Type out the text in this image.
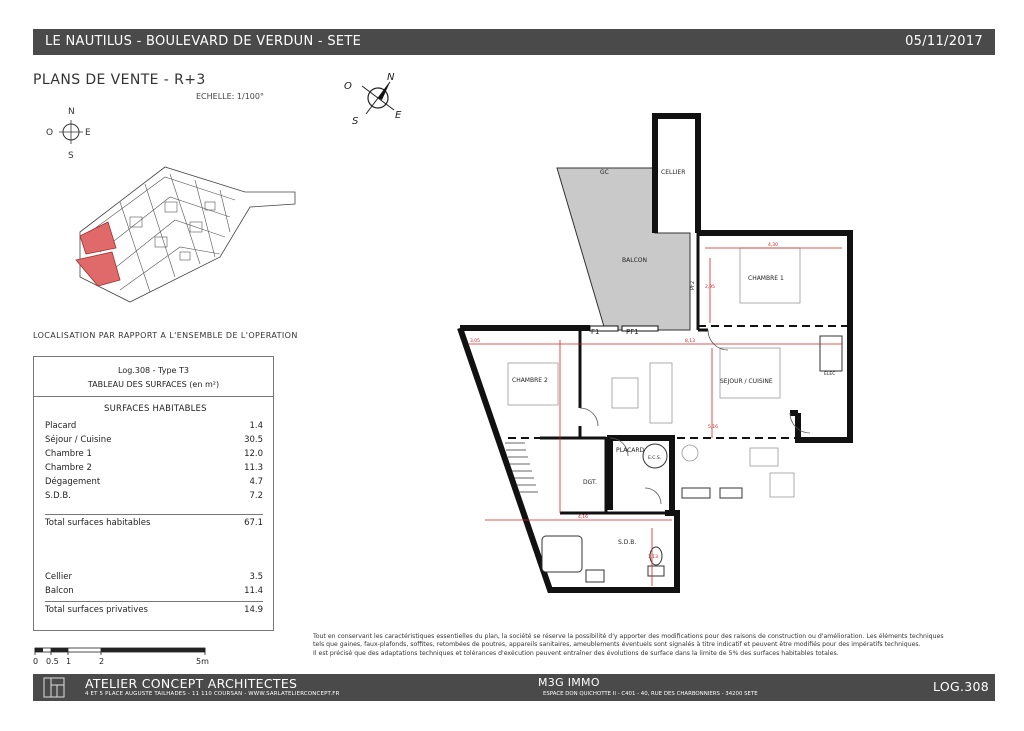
LE NAUTILUS - BOULEVARD DE VERDUN - SETE	05/11/2017
PLANS DE VENTE - R+3
ECHELLE: 1/100°
N
S
E
O
N
S
E
O
LOCALISATION PAR RAPPORT A L'ENSEMBLE DE L'OPERATION
Log.308 - Type T3
TABLEAU DES SURFACES (en m²)
SURFACES HABITABLES
Placard	1.4
Séjour / Cuisine	30.5
Chambre 1	12.0
Chambre 2	11.3
Dégagement	4.7
S.D.B.	7.2
Total surfaces habitables	67.1
Cellier	3.5
Balcon	11.4
Total surfaces privatives	14.9
0 0.5 1	2	5m
Tout en conservant les caractéristiques essentielles du plan, la société se réserve la possibilité d'y apporter des modifications pour des raisons de construction ou d'amélioration. Les éléments techniques
tels que gaines, faux-plafonds, soffites, retombées de poutres, appareils sanitaires, ameublements éventuels sont signalés à titre indicatif et peuvent être modifiés pour des impératifs techniques.
Il est précisé que des adaptations techniques et tolérances d'exécution peuvent entraîner des évolutions de surface dans la limite de 5% des surfaces habitables totales.
ATELIER CONCEPT ARCHITECTES
4 ET 5 PLACE AUGUSTE TAILHADES - 11 110 COURSAN - WWW.SARLATELIERCONCEPT.FR
M3G IMMO
ESPACE DON QUICHOTTE II - C401 - 40, RUE DES CHARBONNIERS - 34200 SETE	LOG.308
CELLIER
GC
BALCON
CHAMBRE 1
CHAMBRE 2	SEJOUR / CUISINE
PLACARD
E.C.S.
DGT.
S.D.B.
ELEC
F1	PF1
PF2
4,30
3,05	8,13
4,16
2,95
5,16
1,13
